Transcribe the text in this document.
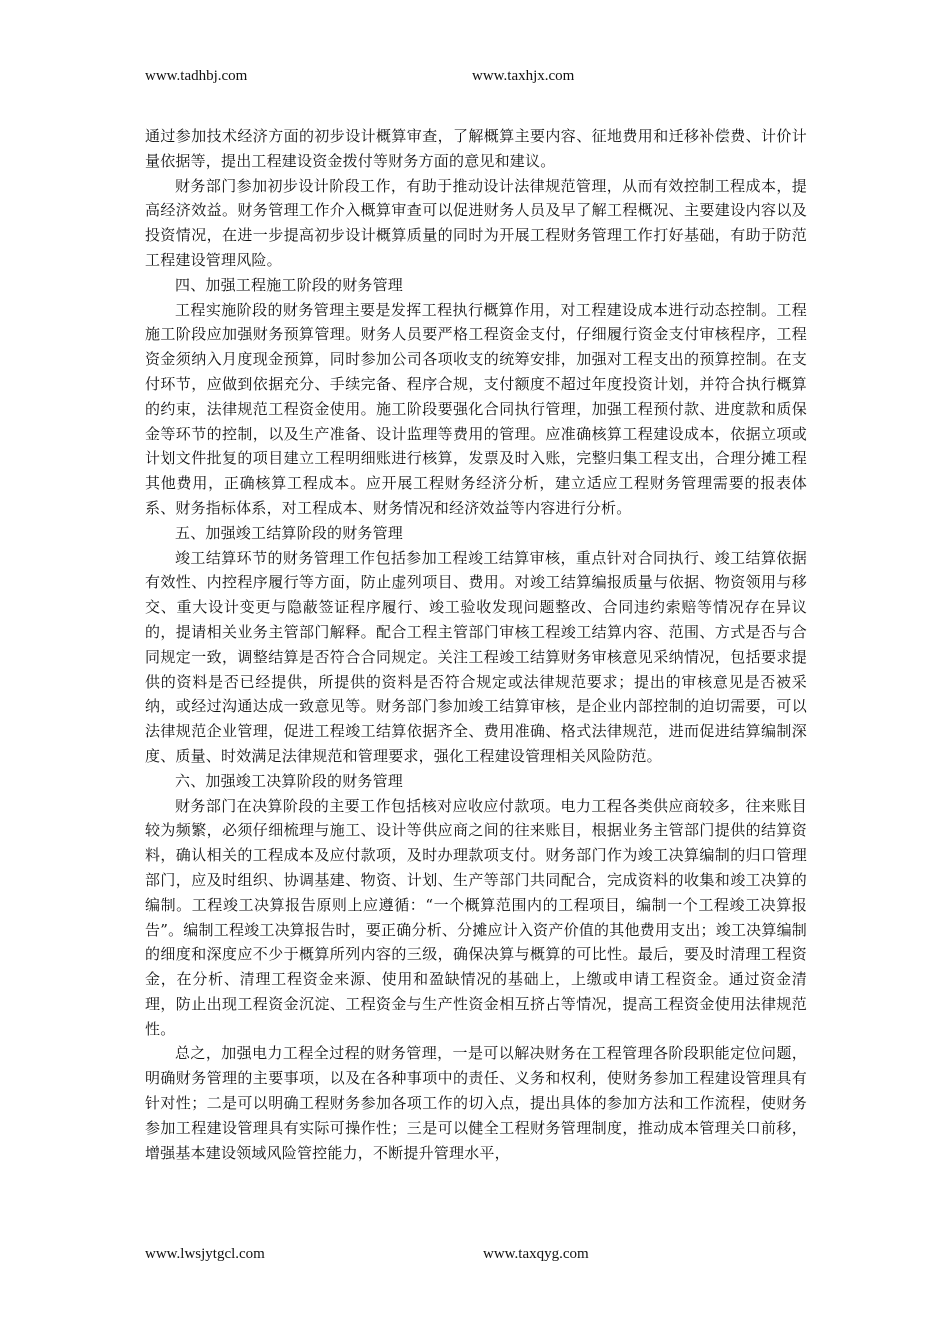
www.tadhbj.com	www.taxhjx.com

通过参加技术经济方面的初步设计概算审查，了解概算主要内容、征地费用和迁移补偿费、计价计量依据等，提出工程建设资金拨付等财务方面的意见和建议。

财务部门参加初步设计阶段工作，有助于推动设计法律规范管理，从而有效控制工程成本，提高经济效益。财务管理工作介入概算审查可以促进财务人员及早了解工程概况、主要建设内容以及投资情况，在进一步提高初步设计概算质量的同时为开展工程财务管理工作打好基础，有助于防范工程建设管理风险。

四、加强工程施工阶段的财务管理

工程实施阶段的财务管理主要是发挥工程执行概算作用，对工程建设成本进行动态控制。工程施工阶段应加强财务预算管理。财务人员要严格工程资金支付，仔细履行资金支付审核程序，工程资金须纳入月度现金预算，同时参加公司各项收支的统筹安排，加强对工程支出的预算控制。在支付环节，应做到依据充分、手续完备、程序合规，支付额度不超过年度投资计划，并符合执行概算的约束，法律规范工程资金使用。施工阶段要强化合同执行管理，加强工程预付款、进度款和质保金等环节的控制，以及生产准备、设计监理等费用的管理。应准确核算工程建设成本，依据立项或计划文件批复的项目建立工程明细账进行核算，发票及时入账，完整归集工程支出，合理分摊工程其他费用，正确核算工程成本。应开展工程财务经济分析，建立适应工程财务管理需要的报表体系、财务指标体系，对工程成本、财务情况和经济效益等内容进行分析。

五、加强竣工结算阶段的财务管理

竣工结算环节的财务管理工作包括参加工程竣工结算审核，重点针对合同执行、竣工结算依据有效性、内控程序履行等方面，防止虚列项目、费用。对竣工结算编报质量与依据、物资领用与移交、重大设计变更与隐蔽签证程序履行、竣工验收发现问题整改、合同违约索赔等情况存在异议的，提请相关业务主管部门解释。配合工程主管部门审核工程竣工结算内容、范围、方式是否与合同规定一致，调整结算是否符合合同规定。关注工程竣工结算财务审核意见采纳情况，包括要求提供的资料是否已经提供，所提供的资料是否符合规定或法律规范要求；提出的审核意见是否被采纳，或经过沟通达成一致意见等。财务部门参加竣工结算审核，是企业内部控制的迫切需要，可以法律规范企业管理，促进工程竣工结算依据齐全、费用准确、格式法律规范，进而促进结算编制深度、质量、时效满足法律规范和管理要求，强化工程建设管理相关风险防范。

六、加强竣工决算阶段的财务管理

财务部门在决算阶段的主要工作包括核对应收应付款项。电力工程各类供应商较多，往来账目较为频繁，必须仔细梳理与施工、设计等供应商之间的往来账目，根据业务主管部门提供的结算资料，确认相关的工程成本及应付款项，及时办理款项支付。财务部门作为竣工决算编制的归口管理部门，应及时组织、协调基建、物资、计划、生产等部门共同配合，完成资料的收集和竣工决算的编制。工程竣工决算报告原则上应遵循：“一个概算范围内的工程项目，编制一个工程竣工决算报告”。编制工程竣工决算报告时，要正确分析、分摊应计入资产价值的其他费用支出；竣工决算编制的细度和深度应不少于概算所列内容的三级，确保决算与概算的可比性。最后，要及时清理工程资金，在分析、清理工程资金来源、使用和盈缺情况的基础上，上缴或申请工程资金。通过资金清理，防止出现工程资金沉淀、工程资金与生产性资金相互挤占等情况，提高工程资金使用法律规范性。

总之，加强电力工程全过程的财务管理，一是可以解决财务在工程管理各阶段职能定位问题，明确财务管理的主要事项，以及在各种事项中的责任、义务和权利，使财务参加工程建设管理具有针对性；二是可以明确工程财务参加各项工作的切入点，提出具体的参加方法和工作流程，使财务参加工程建设管理具有实际可操作性；三是可以健全工程财务管理制度，推动成本管理关口前移，增强基本建设领域风险管控能力，不断提升管理水平，

www.lwsjytgcl.com	www.taxqyg.com
